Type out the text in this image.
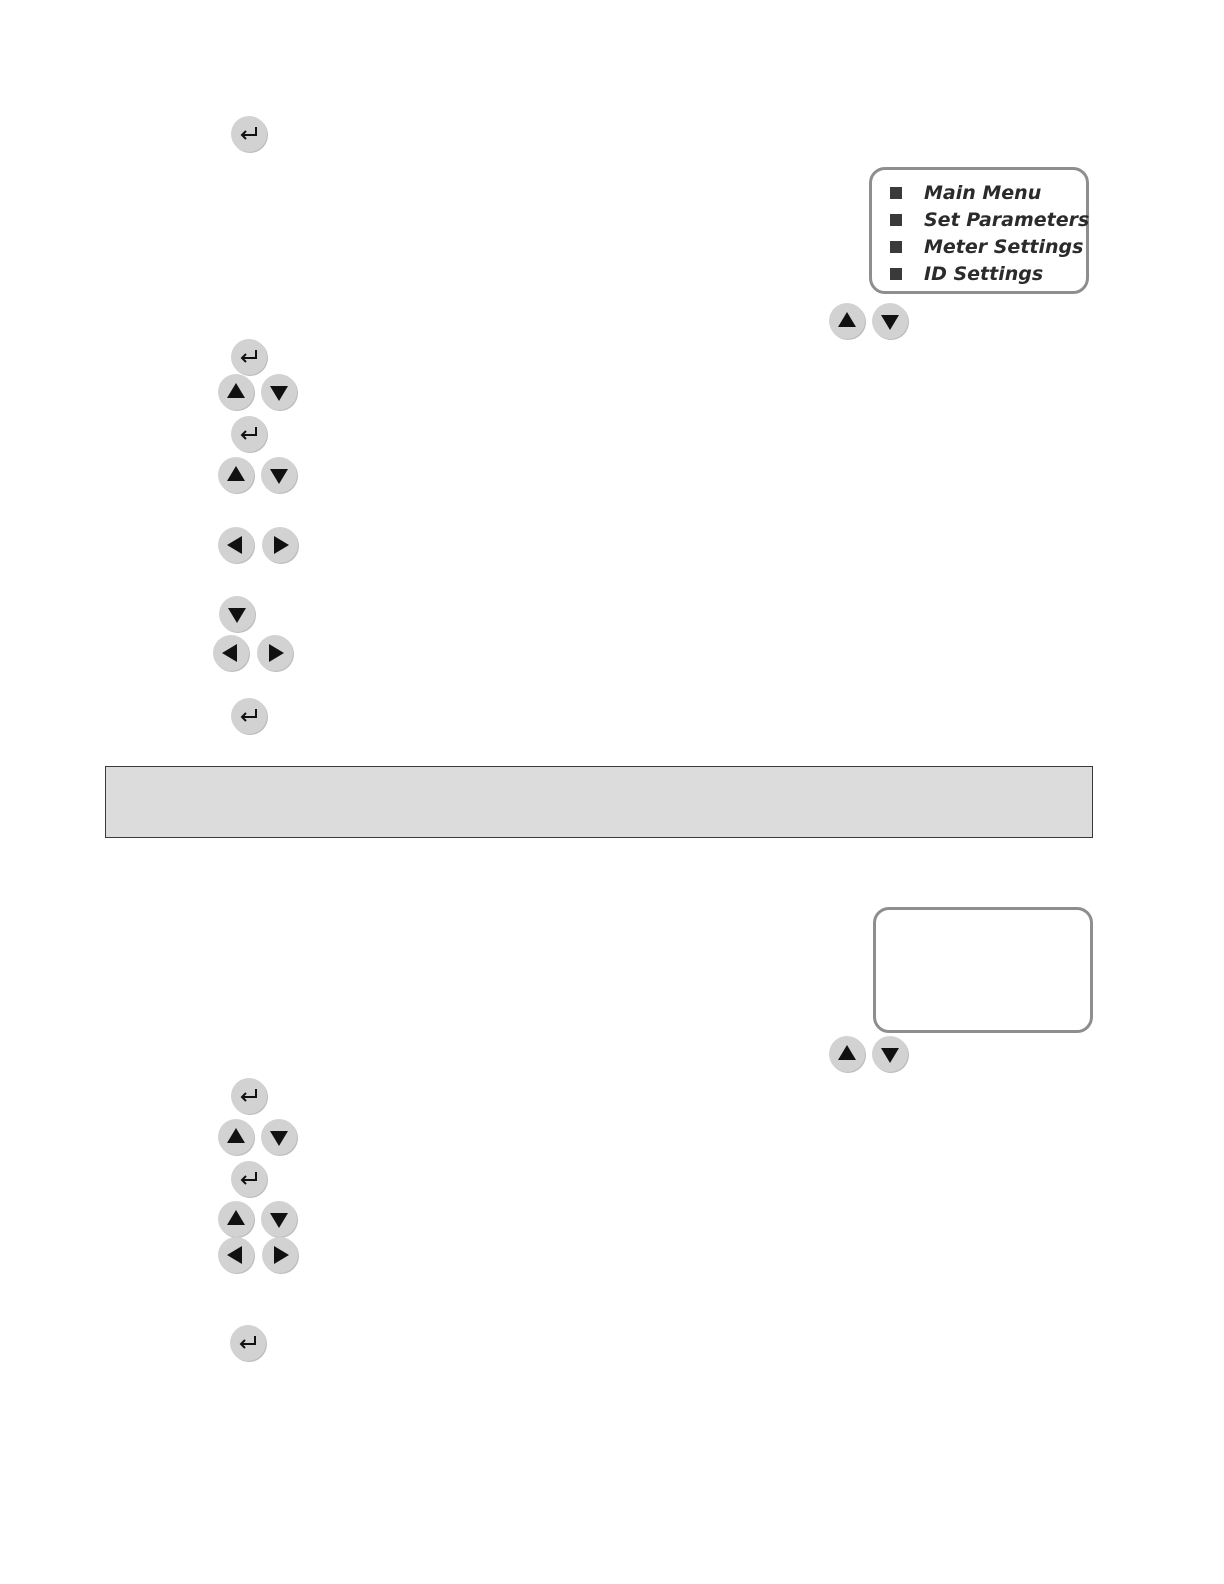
Main Menu
Set Parameters
Meter Settings
ID Settings
